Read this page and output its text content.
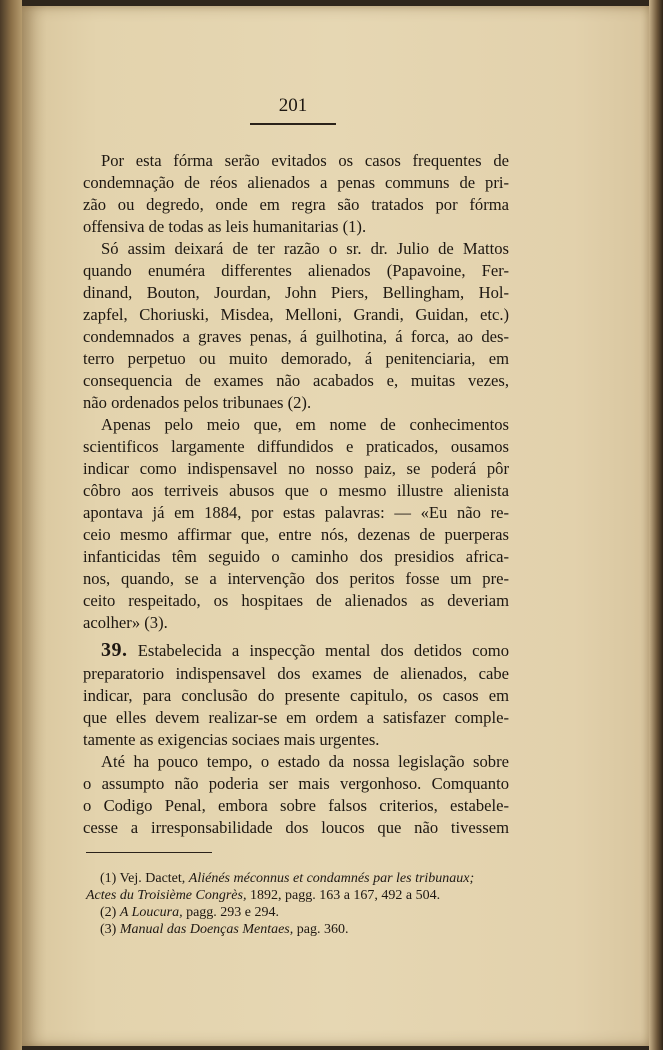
201
Por esta fórma serão evitados os casos frequentes de
condemnação de réos alienados a penas communs de pri-
zão ou degredo, onde em regra são tratados por fórma
offensiva de todas as leis humanitarias (1).
Só assim deixará de ter razão o sr. dr. Julio de Mattos
quando enuméra differentes alienados (Papavoine, Fer-
dinand, Bouton, Jourdan, John Piers, Bellingham, Hol-
zapfel, Choriuski, Misdea, Melloni, Grandi, Guidan, etc.)
condemnados a graves penas, á guilhotina, á forca, ao des-
terro perpetuo ou muito demorado, á penitenciaria, em
consequencia de exames não acabados e, muitas vezes,
não ordenados pelos tribunaes (2).
Apenas pelo meio que, em nome de conhecimentos
scientificos largamente diffundidos e praticados, ousamos
indicar como indispensavel no nosso paiz, se poderá pôr
côbro aos terriveis abusos que o mesmo illustre alienista
apontava já em 1884, por estas palavras: — «Eu não re-
ceio mesmo affirmar que, entre nós, dezenas de puerperas
infanticidas têm seguido o caminho dos presidios africa-
nos, quando, se a intervenção dos peritos fosse um pre-
ceito respeitado, os hospitaes de alienados as deveriam
acolher» (3).
39. Estabelecida a inspecção mental dos detidos como
preparatorio indispensavel dos exames de alienados, cabe
indicar, para conclusão do presente capitulo, os casos em
que elles devem realizar-se em ordem a satisfazer comple-
tamente as exigencias sociaes mais urgentes.
Até ha pouco tempo, o estado da nossa legislação sobre
o assumpto não poderia ser mais vergonhoso. Comquanto
o Codigo Penal, embora sobre falsos criterios, estabele-
cesse a irresponsabilidade dos loucos que não tivessem
(1) Vej. Dactet, Aliénés méconnus et condamnés par les tribunaux;
Actes du Troisième Congrès, 1892, pagg. 163 a 167, 492 a 504.
(2) A Loucura, pagg. 293 e 294.
(3) Manual das Doenças Mentaes, pag. 360.
